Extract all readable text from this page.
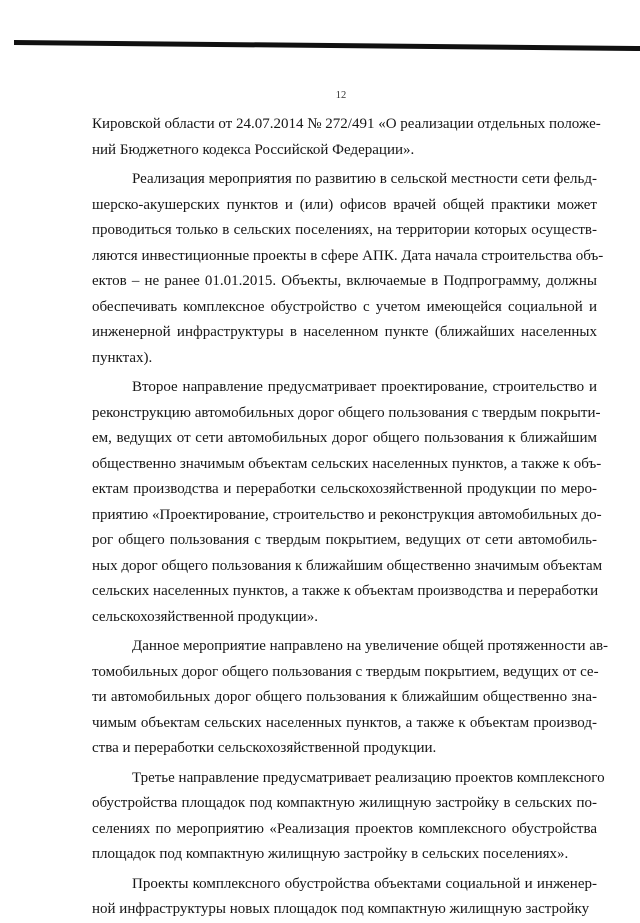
12

Кировской области от 24.07.2014 № 272/491 «О реализации отдельных положе-
ний Бюджетного кодекса Российской Федерации».

Реализация мероприятия по развитию в сельской местности сети фельд-
шерско-акушерских пунктов и (или) офисов врачей общей практики может
проводиться только в сельских поселениях, на территории которых осуществ-
ляются инвестиционные проекты в сфере АПК. Дата начала строительства объ-
ектов – не ранее 01.01.2015. Объекты, включаемые в Подпрограмму, должны
обеспечивать комплексное обустройство с учетом имеющейся социальной и
инженерной инфраструктуры в населенном пункте (ближайших населенных
пунктах).

Второе направление предусматривает проектирование, строительство и
реконструкцию автомобильных дорог общего пользования с твердым покрыти-
ем, ведущих от сети автомобильных дорог общего пользования к ближайшим
общественно значимым объектам сельских населенных пунктов, а также к объ-
ектам производства и переработки сельскохозяйственной продукции по меро-
приятию «Проектирование, строительство и реконструкция автомобильных до-
рог общего пользования с твердым покрытием, ведущих от сети автомобиль-
ных дорог общего пользования к ближайшим общественно значимым объектам
сельских населенных пунктов, а также к объектам производства и переработки
сельскохозяйственной продукции».

Данное мероприятие направлено на увеличение общей протяженности ав-
томобильных дорог общего пользования с твердым покрытием, ведущих от се-
ти автомобильных дорог общего пользования к ближайшим общественно зна-
чимым объектам сельских населенных пунктов, а также к объектам производ-
ства и переработки сельскохозяйственной продукции.

Третье направление предусматривает реализацию проектов комплексного
обустройства площадок под компактную жилищную застройку в сельских по-
селениях по мероприятию «Реализация проектов комплексного обустройства
площадок под компактную жилищную застройку в сельских поселениях».

Проекты комплексного обустройства объектами социальной и инженер-
ной инфраструктуры новых площадок под компактную жилищную застройку
